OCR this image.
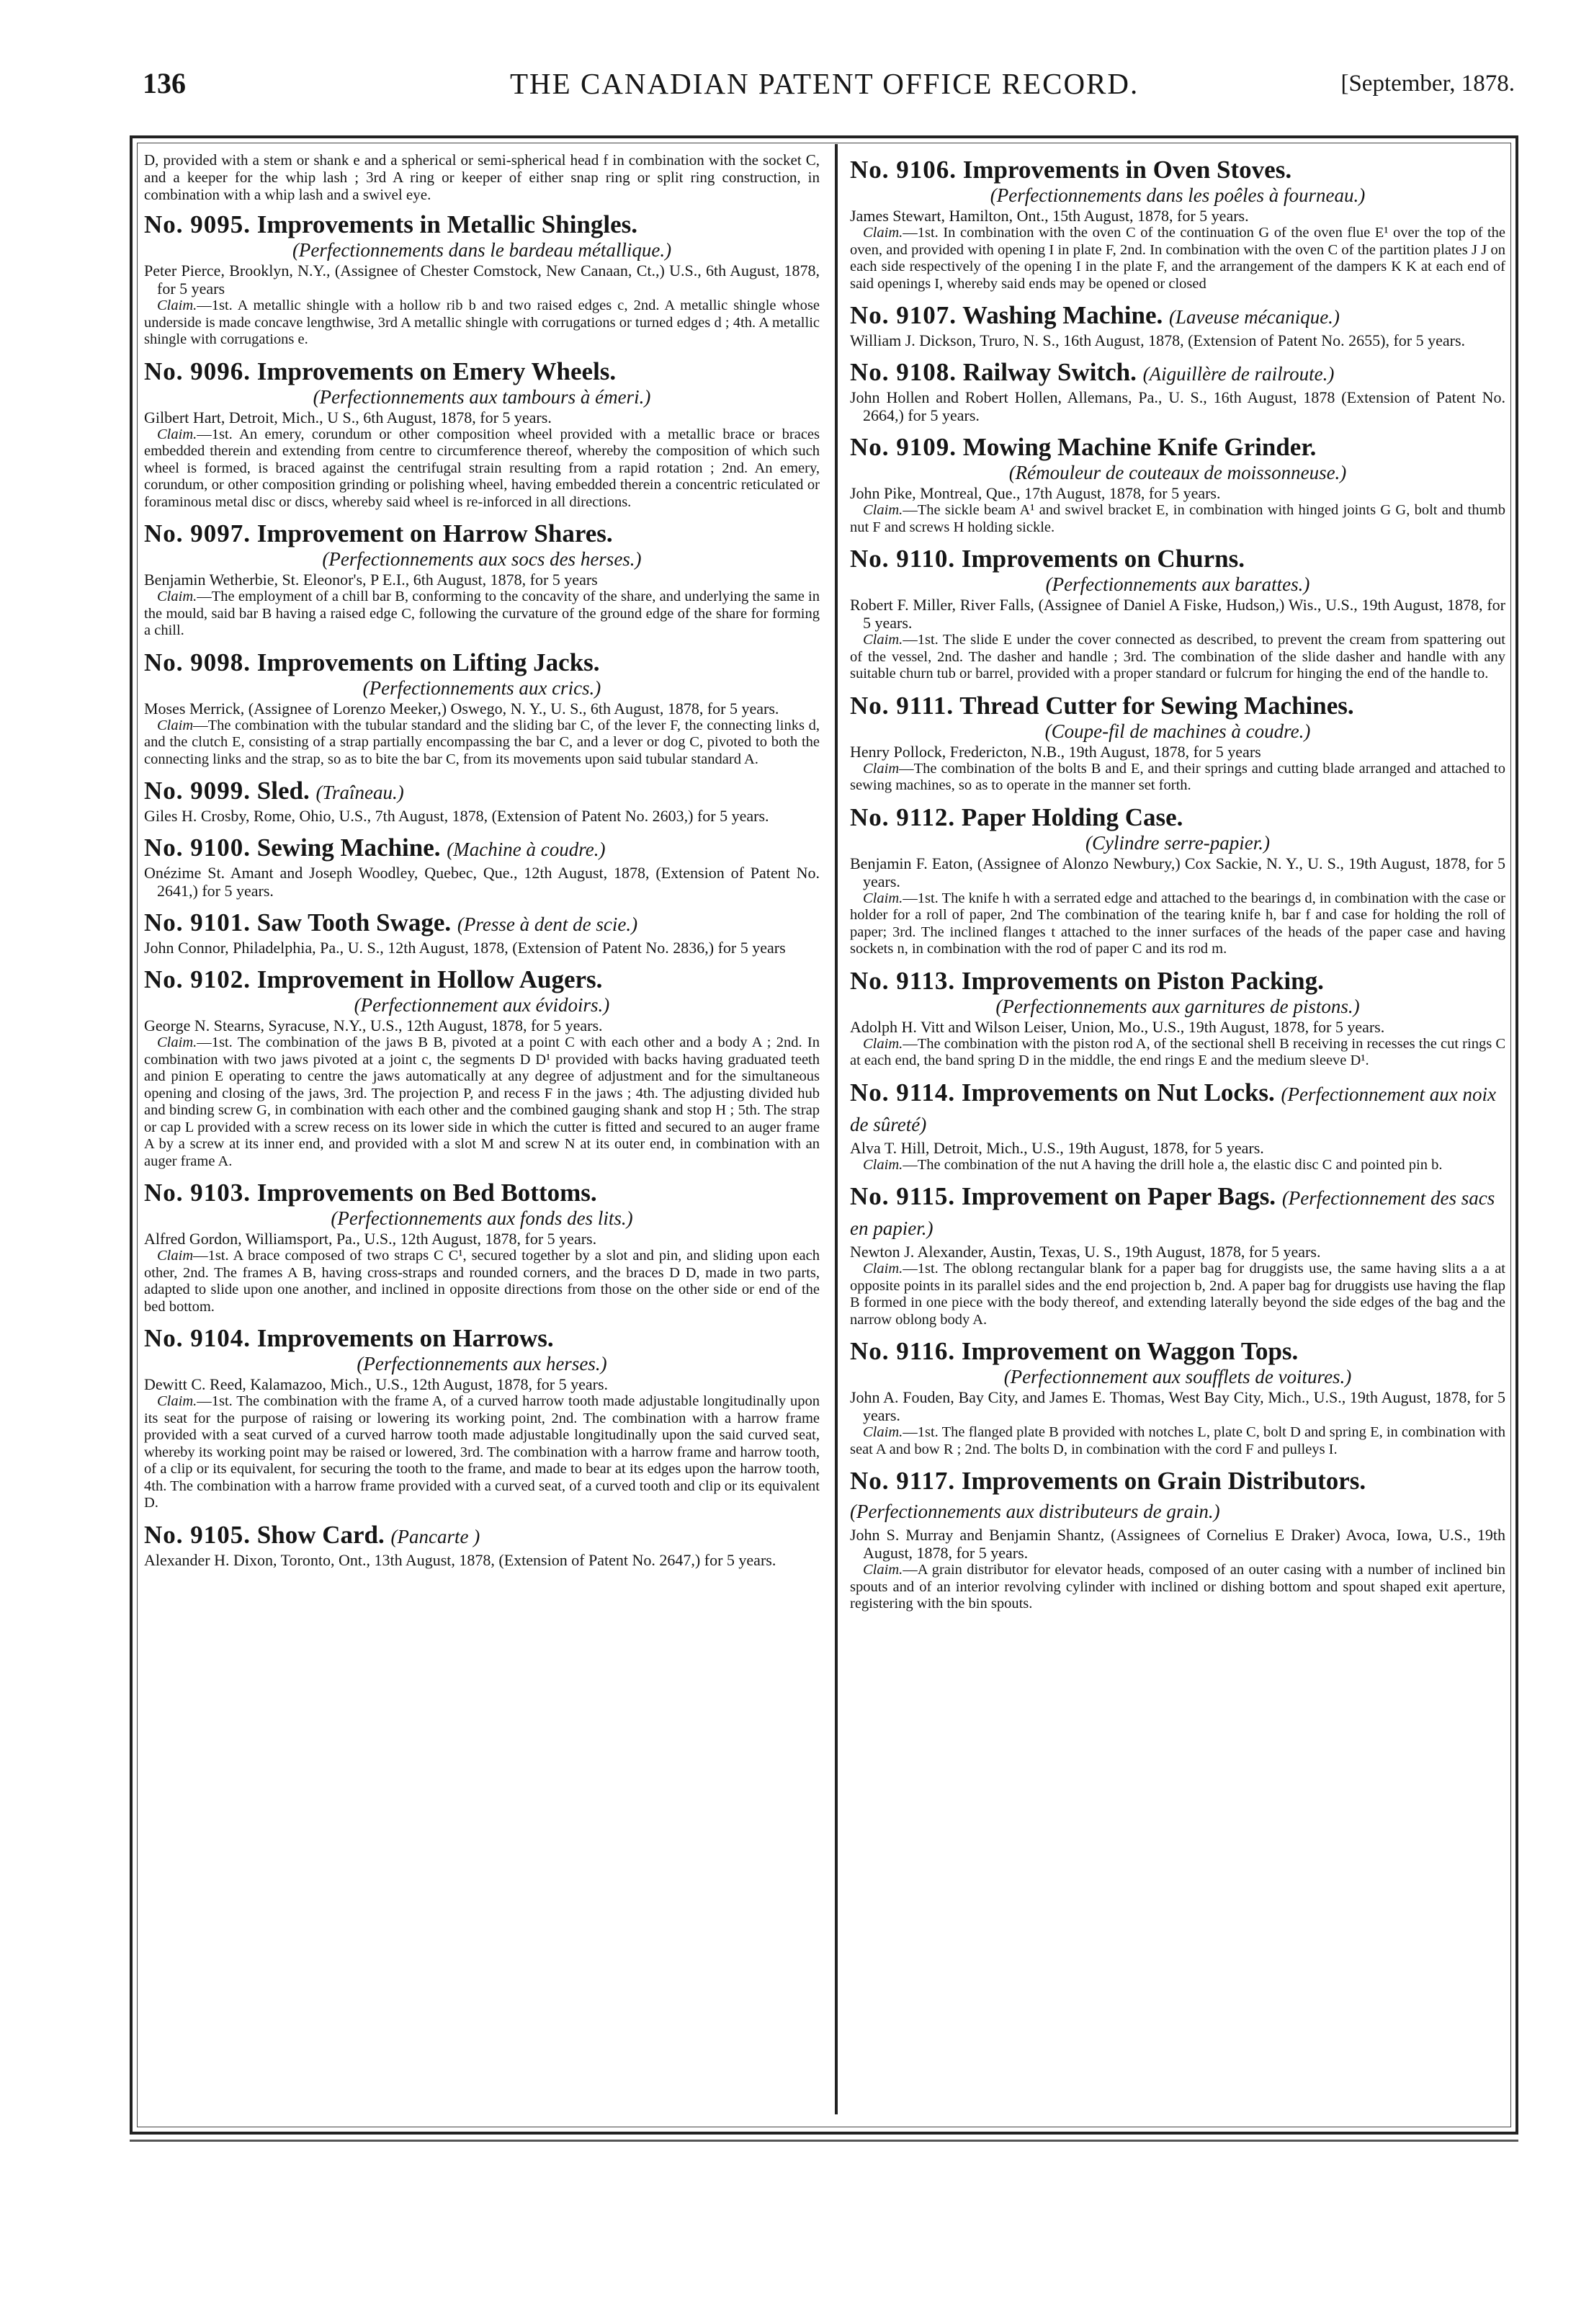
136	THE CANADIAN PATENT OFFICE RECORD.	[September, 1878.
D, provided with a stem or shank e and a spherical or semi-spherical head f in combination with the socket C, and a keeper for the whip lash ; 3rd A ring or keeper of either snap ring or split ring construction, in combination with a whip lash and a swivel eye.
No. 9095. Improvements in Metallic Shingles.
(Perfectionnements dans le bardeau métallique.)
Peter Pierce, Brooklyn, N.Y., (Assignee of Chester Comstock, New Canaan, Ct.,) U.S., 6th August, 1878, for 5 years
Claim.—1st. A metallic shingle with a hollow rib b and two raised edges c, 2nd. A metallic shingle whose underside is made concave lengthwise, 3rd A metallic shingle with corrugations or turned edges d ; 4th. A metallic shingle with corrugations e.
No. 9096. Improvements on Emery Wheels.
(Perfectionnements aux tambours à émeri.)
Gilbert Hart, Detroit, Mich., U S., 6th August, 1878, for 5 years.
Claim.—1st. An emery, corundum or other composition wheel provided with a metallic brace or braces embedded therein and extending from centre to circumference thereof, whereby the composition of which such wheel is formed, is braced against the centrifugal strain resulting from a rapid rotation ; 2nd. An emery, corundum, or other composition grinding or polishing wheel, having embedded therein a concentric reticulated or foraminous metal disc or discs, whereby said wheel is re-inforced in all directions.
No. 9097. Improvement on Harrow Shares.
(Perfectionnements aux socs des herses.)
Benjamin Wetherbie, St. Eleonor's, P E.I., 6th August, 1878, for 5 years
Claim.—The employment of a chill bar B, conforming to the concavity of the share, and underlying the same in the mould, said bar B having a raised edge C, following the curvature of the ground edge of the share for forming a chill.
No. 9098. Improvements on Lifting Jacks.
(Perfectionnements aux crics.)
Moses Merrick, (Assignee of Lorenzo Meeker,) Oswego, N. Y., U. S., 6th August, 1878, for 5 years.
Claim—The combination with the tubular standard and the sliding bar C, of the lever F, the connecting links d, and the clutch E, consisting of a strap partially encompassing the bar C, and a lever or dog C, pivoted to both the connecting links and the strap, so as to bite the bar C, from its movements upon said tubular standard A.
No. 9099. Sled. (Traîneau.)
Giles H. Crosby, Rome, Ohio, U.S., 7th August, 1878, (Extension of Patent No. 2603,) for 5 years.
No. 9100. Sewing Machine. (Machine à coudre.)
Onézime St. Amant and Joseph Woodley, Quebec, Que., 12th August, 1878, (Extension of Patent No. 2641,) for 5 years.
No. 9101. Saw Tooth Swage. (Presse à dent de scie.)
John Connor, Philadelphia, Pa., U. S., 12th August, 1878, (Extension of Patent No. 2836,) for 5 years
No. 9102. Improvement in Hollow Augers.
(Perfectionnement aux évidoirs.)
George N. Stearns, Syracuse, N.Y., U.S., 12th August, 1878, for 5 years.
Claim.—1st. The combination of the jaws B B, pivoted at a point C with each other and a body A ; 2nd. In combination with two jaws pivoted at a joint c, the segments D D¹ provided with backs having graduated teeth and pinion E operating to centre the jaws automatically at any degree of adjustment and for the simultaneous opening and closing of the jaws, 3rd. The projection P, and recess F in the jaws ; 4th. The adjusting divided hub and binding screw G, in combination with each other and the combined gauging shank and stop H ; 5th. The strap or cap L provided with a screw recess on its lower side in which the cutter is fitted and secured to an auger frame A by a screw at its inner end, and provided with a slot M and screw N at its outer end, in combination with an auger frame A.
No. 9103. Improvements on Bed Bottoms.
(Perfectionnements aux fonds des lits.)
Alfred Gordon, Williamsport, Pa., U.S., 12th August, 1878, for 5 years.
Claim—1st. A brace composed of two straps C C¹, secured together by a slot and pin, and sliding upon each other, 2nd. The frames A B, having cross-straps and rounded corners, and the braces D D, made in two parts, adapted to slide upon one another, and inclined in opposite directions from those on the other side or end of the bed bottom.
No. 9104. Improvements on Harrows.
(Perfectionnements aux herses.)
Dewitt C. Reed, Kalamazoo, Mich., U.S., 12th August, 1878, for 5 years.
Claim.—1st. The combination with the frame A, of a curved harrow tooth made adjustable longitudinally upon its seat for the purpose of raising or lowering its working point, 2nd. The combination with a harrow frame provided with a seat curved of a curved harrow tooth made adjustable longitudinally upon the said curved seat, whereby its working point may be raised or lowered, 3rd. The combination with a harrow frame and harrow tooth, of a clip or its equivalent, for securing the tooth to the frame, and made to bear at its edges upon the harrow tooth, 4th. The combination with a harrow frame provided with a curved seat, of a curved tooth and clip or its equivalent D.
No. 9105. Show Card. (Pancarte )
Alexander H. Dixon, Toronto, Ont., 13th August, 1878, (Extension of Patent No. 2647,) for 5 years.
No. 9106. Improvements in Oven Stoves.
(Perfectionnements dans les poêles à fourneau.)
James Stewart, Hamilton, Ont., 15th August, 1878, for 5 years.
Claim.—1st. In combination with the oven C of the continuation G of the oven flue E¹ over the top of the oven, and provided with opening I in plate F, 2nd. In combination with the oven C of the partition plates J J on each side respectively of the opening I in the plate F, and the arrangement of the dampers K K at each end of said openings I, whereby said ends may be opened or closed
No. 9107. Washing Machine. (Laveuse mécanique.)
William J. Dickson, Truro, N. S., 16th August, 1878, (Extension of Patent No. 2655), for 5 years.
No. 9108. Railway Switch. (Aiguillère de railroute.)
John Hollen and Robert Hollen, Allemans, Pa., U. S., 16th August, 1878 (Extension of Patent No. 2664,) for 5 years.
No. 9109. Mowing Machine Knife Grinder.
(Rémouleur de couteaux de moissonneuse.)
John Pike, Montreal, Que., 17th August, 1878, for 5 years.
Claim.—The sickle beam A¹ and swivel bracket E, in combination with hinged joints G G, bolt and thumb nut F and screws H holding sickle.
No. 9110. Improvements on Churns.
(Perfectionnements aux barattes.)
Robert F. Miller, River Falls, (Assignee of Daniel A Fiske, Hudson,) Wis., U.S., 19th August, 1878, for 5 years.
Claim.—1st. The slide E under the cover connected as described, to prevent the cream from spattering out of the vessel, 2nd. The dasher and handle ; 3rd. The combination of the slide dasher and handle with any suitable churn tub or barrel, provided with a proper standard or fulcrum for hinging the end of the handle to.
No. 9111. Thread Cutter for Sewing Machines.
(Coupe-fil de machines à coudre.)
Henry Pollock, Fredericton, N.B., 19th August, 1878, for 5 years
Claim—The combination of the bolts B and E, and their springs and cutting blade arranged and attached to sewing machines, so as to operate in the manner set forth.
No. 9112. Paper Holding Case.
(Cylindre serre-papier.)
Benjamin F. Eaton, (Assignee of Alonzo Newbury,) Cox Sackie, N. Y., U. S., 19th August, 1878, for 5 years.
Claim.—1st. The knife h with a serrated edge and attached to the bearings d, in combination with the case or holder for a roll of paper, 2nd The combination of the tearing knife h, bar f and case for holding the roll of paper; 3rd. The inclined flanges t attached to the inner surfaces of the heads of the paper case and having sockets n, in combination with the rod of paper C and its rod m.
No. 9113. Improvements on Piston Packing.
(Perfectionnements aux garnitures de pistons.)
Adolph H. Vitt and Wilson Leiser, Union, Mo., U.S., 19th August, 1878, for 5 years.
Claim.—The combination with the piston rod A, of the sectional shell B receiving in recesses the cut rings C at each end, the band spring D in the middle, the end rings E and the medium sleeve D¹.
No. 9114. Improvements on Nut Locks. (Perfectionnement aux noix de sûreté)
Alva T. Hill, Detroit, Mich., U.S., 19th August, 1878, for 5 years.
Claim.—The combination of the nut A having the drill hole a, the elastic disc C and pointed pin b.
No. 9115. Improvement on Paper Bags. (Perfectionnement des sacs en papier.)
Newton J. Alexander, Austin, Texas, U. S., 19th August, 1878, for 5 years.
Claim.—1st. The oblong rectangular blank for a paper bag for druggists use, the same having slits a a at opposite points in its parallel sides and the end projection b, 2nd. A paper bag for druggists use having the flap B formed in one piece with the body thereof, and extending laterally beyond the side edges of the bag and the narrow oblong body A.
No. 9116. Improvement on Waggon Tops.
(Perfectionnement aux soufflets de voitures.)
John A. Fouden, Bay City, and James E. Thomas, West Bay City, Mich., U.S., 19th August, 1878, for 5 years.
Claim.—1st. The flanged plate B provided with notches L, plate C, bolt D and spring E, in combination with seat A and bow R ; 2nd. The bolts D, in combination with the cord F and pulleys I.
No. 9117. Improvements on Grain Distributors. (Perfectionnements aux distributeurs de grain.)
John S. Murray and Benjamin Shantz, (Assignees of Cornelius E Draker) Avoca, Iowa, U.S., 19th August, 1878, for 5 years.
Claim.—A grain distributor for elevator heads, composed of an outer casing with a number of inclined bin spouts and of an interior revolving cylinder with inclined or dishing bottom and spout shaped exit aperture, registering with the bin spouts.
